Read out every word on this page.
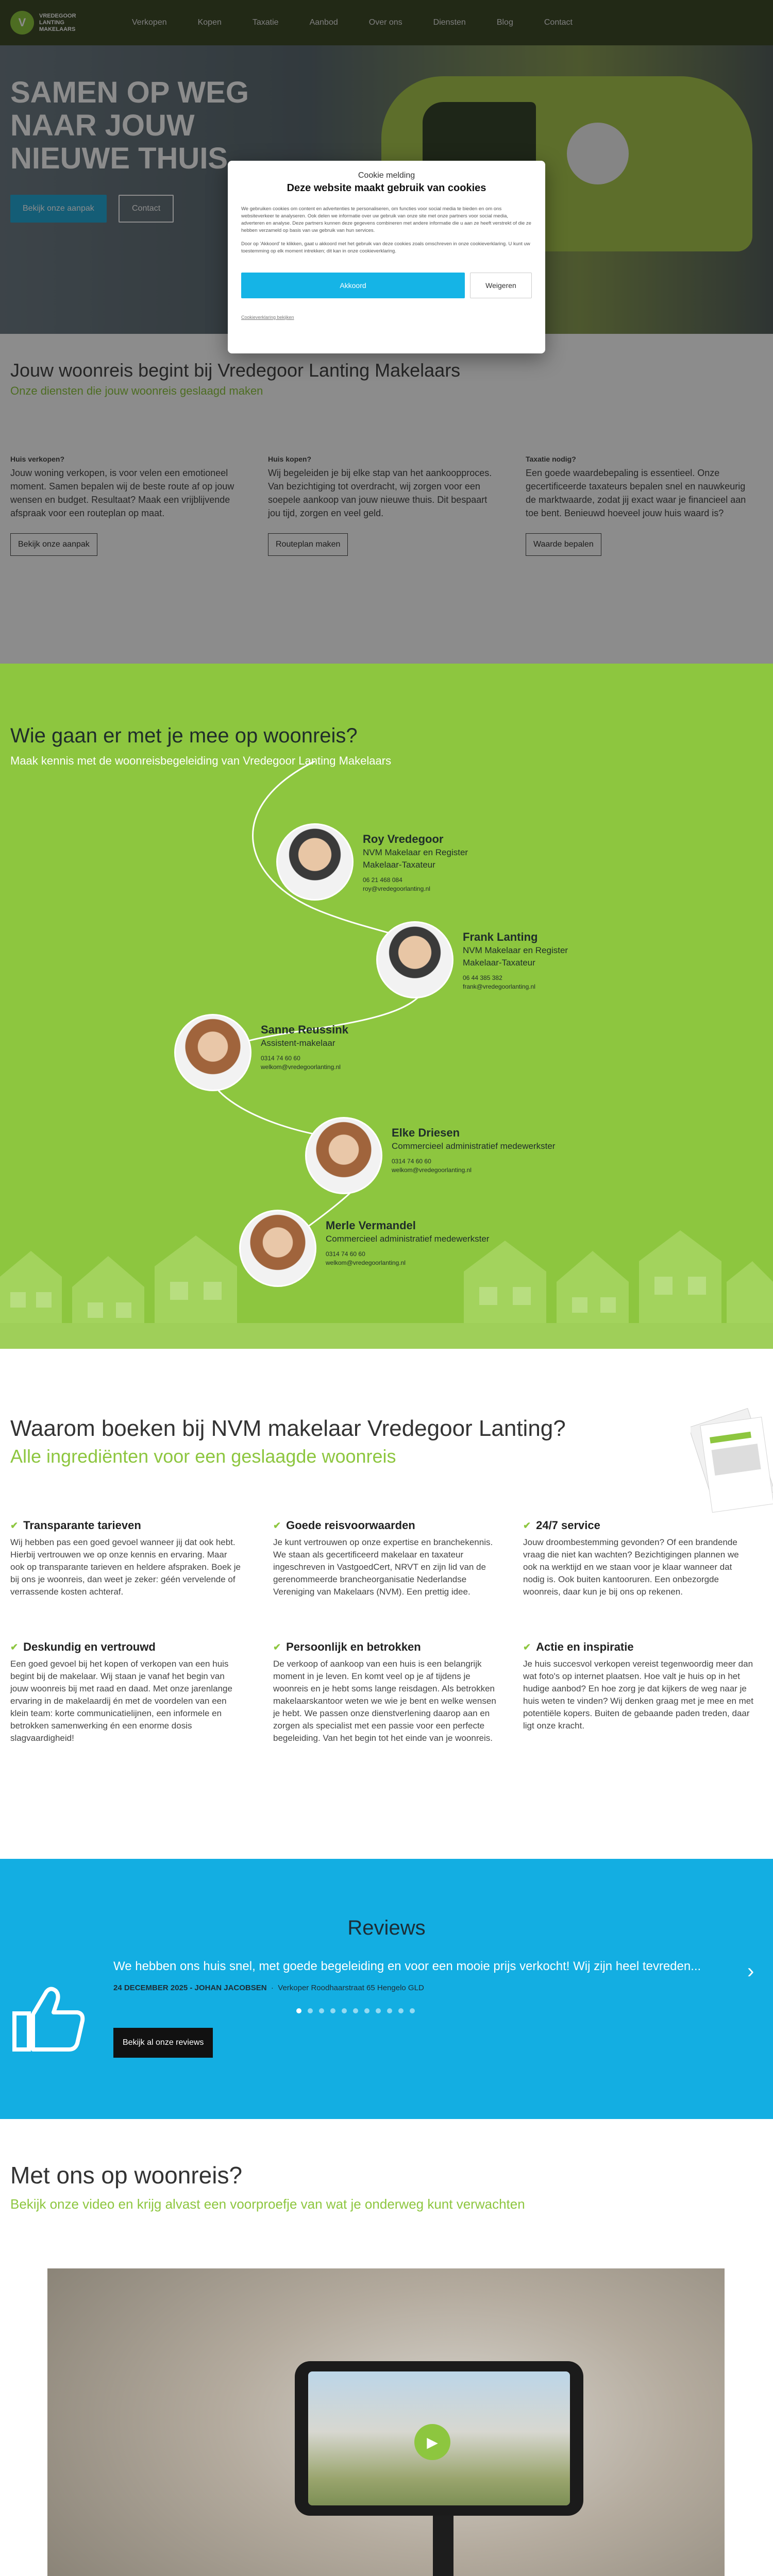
V
VREDEGOOR
LANTING
MAKELAARS
Verkopen	Kopen	Taxatie	Aanbod	Over ons	Diensten	Blog	Contact
SAMEN OP WEG NAAR JOUW NIEUWE THUIS
Bekijk onze aanpak	Contact
Jouw woonreis begint bij Vredegoor Lanting Makelaars
Onze diensten die jouw woonreis geslaagd maken
Huis verkopen?
Jouw woning verkopen, is voor velen een emotioneel moment. Samen bepalen wij de beste route af op jouw wensen en budget. Resultaat? Maak een vrijblijvende afspraak voor een routeplan op maat.
Bekijk onze aanpak
Huis kopen?
Wij begeleiden je bij elke stap van het aankoopproces. Van bezichtiging tot overdracht, wij zorgen voor een soepele aankoop van jouw nieuwe thuis. Dit bespaart jou tijd, zorgen en veel geld.
Routeplan maken
Taxatie nodig?
Een goede waardebepaling is essentieel. Onze gecertificeerde taxateurs bepalen snel en nauwkeurig de marktwaarde, zodat jij exact waar je financieel aan toe bent. Benieuwd hoeveel jouw huis waard is?
Waarde bepalen
Cookie melding
Deze website maakt gebruik van cookies
We gebruiken cookies om content en advertenties te personaliseren, om functies voor social media te bieden en om ons websiteverkeer te analyseren. Ook delen we informatie over uw gebruik van onze site met onze partners voor social media, adverteren en analyse. Deze partners kunnen deze gegevens combineren met andere informatie die u aan ze heeft verstrekt of die ze hebben verzameld op basis van uw gebruik van hun services.
Door op 'Akkoord' te klikken, gaat u akkoord met het gebruik van deze cookies zoals omschreven in onze cookieverklaring. U kunt uw toestemming op elk moment intrekken; dit kan in onze cookieverklaring.
Akkoord	Weigeren
Cookieverklaring bekijken
Wie gaan er met je mee op woonreis?
Maak kennis met de woonreisbegeleiding van Vredegoor Lanting Makelaars
Roy Vredegoor
NVM Makelaar en Register
Makelaar-Taxateur
06 21 468 084
roy@vredegoorlanting.nl
Frank Lanting
NVM Makelaar en Register
Makelaar-Taxateur
06 44 385 382
frank@vredegoorlanting.nl
Sanne Reussink
Assistent-makelaar
0314 74 60 60
welkom@vredegoorlanting.nl
Elke Driesen
Commercieel administratief medewerkster
0314 74 60 60
welkom@vredegoorlanting.nl
Merle Vermandel
Commercieel administratief medewerkster
0314 74 60 60
welkom@vredegoorlanting.nl
Waarom boeken bij NVM makelaar Vredegoor Lanting?
Alle ingrediënten voor een geslaagde woonreis
✔ Transparante tarieven
Wij hebben pas een goed gevoel wanneer jij dat ook hebt. Hierbij vertrouwen we op onze kennis en ervaring. Maar ook op transparante tarieven en heldere afspraken. Boek je bij ons je woonreis, dan weet je zeker: géén vervelende of verrassende kosten achteraf.
✔ Goede reisvoorwaarden
Je kunt vertrouwen op onze expertise en branchekennis. We staan als gecertificeerd makelaar en taxateur ingeschreven in VastgoedCert, NRVT en zijn lid van de gerenommeerde brancheorganisatie Nederlandse Vereniging van Makelaars (NVM). Een prettig idee.
✔ 24/7 service
Jouw droombestemming gevonden? Of een brandende vraag die niet kan wachten? Bezichtigingen plannen we ook na werktijd en we staan voor je klaar wanneer dat nodig is. Ook buiten kantooruren. Een onbezorgde woonreis, daar kun je bij ons op rekenen.
✔ Deskundig en vertrouwd
Een goed gevoel bij het kopen of verkopen van een huis begint bij de makelaar. Wij staan je vanaf het begin van jouw woonreis bij met raad en daad. Met onze jarenlange ervaring in de makelaardij én met de voordelen van een klein team: korte communicatielijnen, een informele en betrokken samenwerking én een enorme dosis slagvaardigheid!
✔ Persoonlijk en betrokken
De verkoop of aankoop van een huis is een belangrijk moment in je leven. En komt veel op je af tijdens je woonreis en je hebt soms lange reisdagen. Als betrokken makelaarskantoor weten we wie je bent en welke wensen je hebt. We passen onze dienstverlening daarop aan en zorgen als specialist met een passie voor een perfecte begeleiding. Van het begin tot het einde van je woonreis.
✔ Actie en inspiratie
Je huis succesvol verkopen vereist tegenwoordig meer dan wat foto's op internet plaatsen. Hoe valt je huis op in het hudige aanbod? En hoe zorg je dat kijkers de weg naar je huis weten te vinden? Wij denken graag met je mee en met potentiële kopers. Buiten de gebaande paden treden, daar ligt onze kracht.
Reviews
We hebben ons huis snel, met goede begeleiding en voor een mooie prijs verkocht! Wij zijn heel tevreden...
24 DECEMBER 2025 - JOHAN JACOBSEN  ·  Verkoper Roodhaarstraat 65 Hengelo GLD
›
Bekijk al onze reviews
Met ons op woonreis?
Bekijk onze video en krijg alvast een voorproefje van wat je onderweg kunt verwachten
▶
